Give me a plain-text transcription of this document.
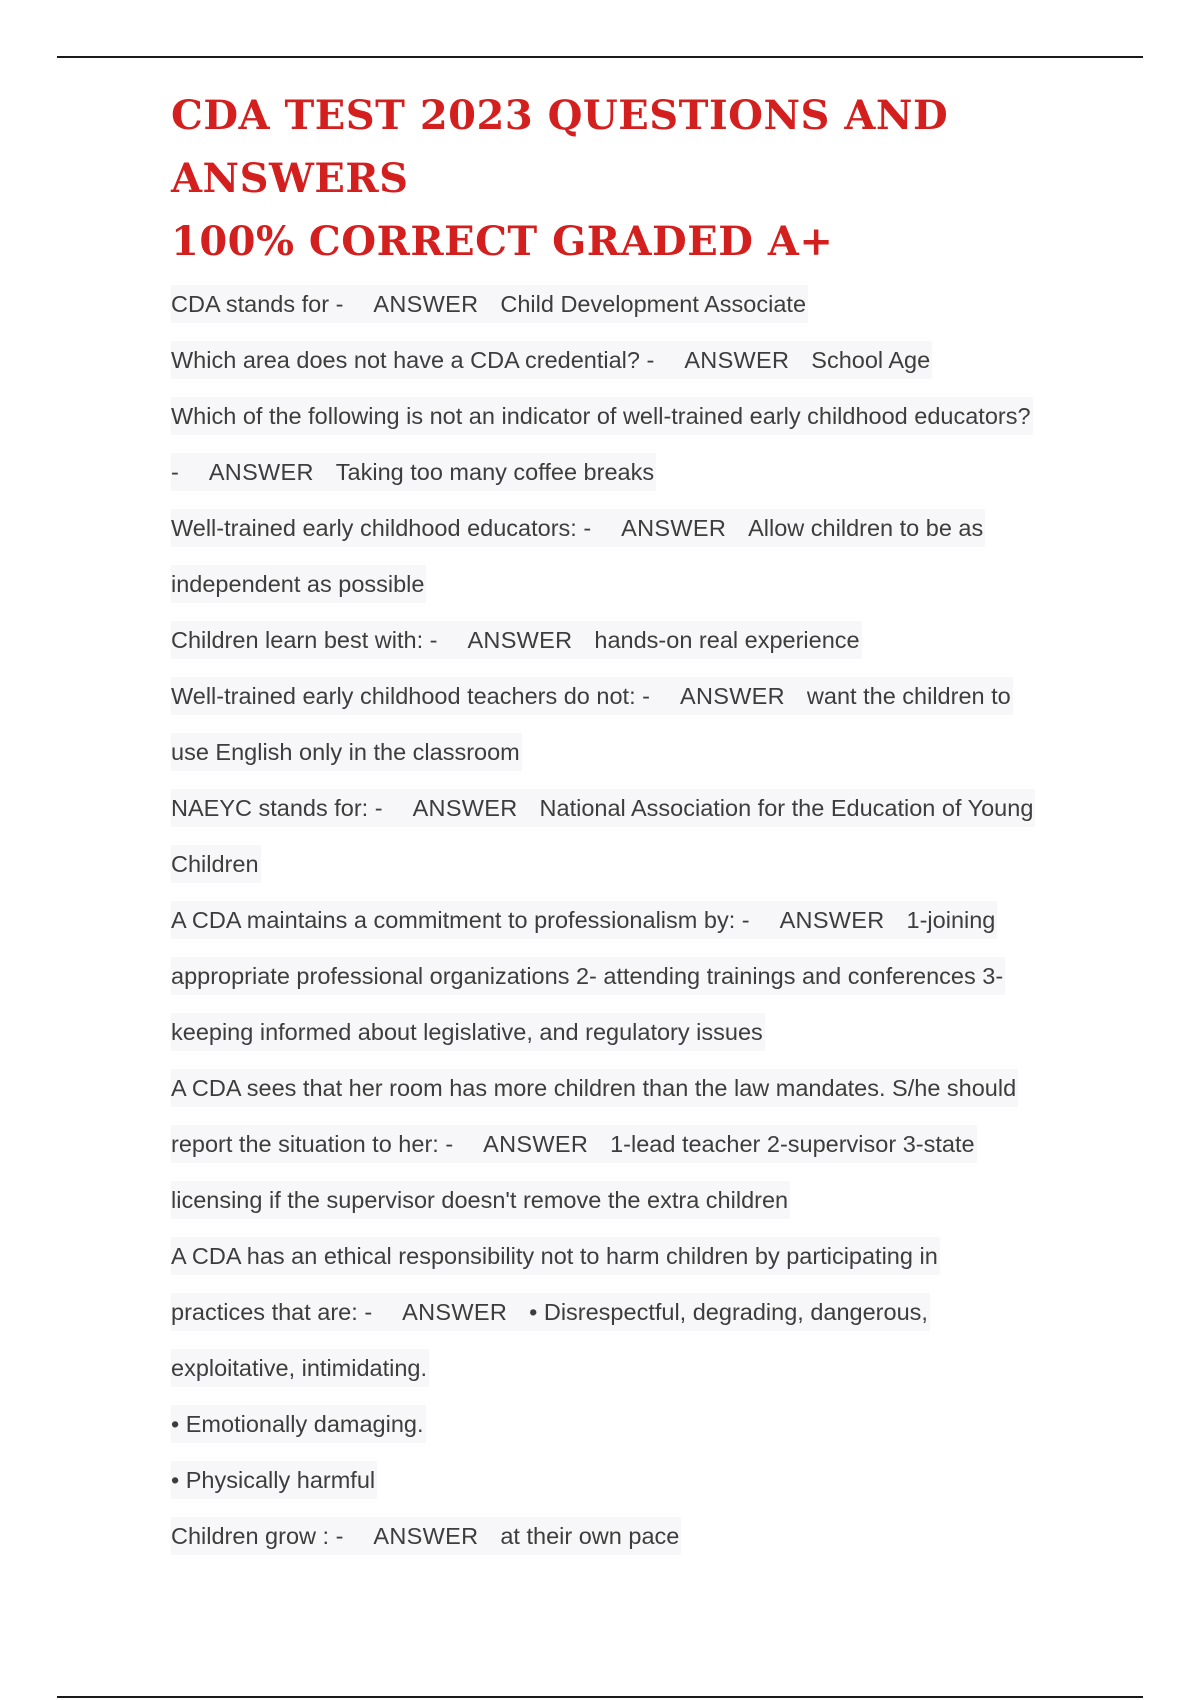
CDA TEST 2023 QUESTIONS AND ANSWERS
100% CORRECT GRADED A+
CDA stands for - ANSWER Child Development Associate
Which area does not have a CDA credential? - ANSWER School Age
Which of the following is not an indicator of well-trained early childhood educators?
- ANSWER Taking too many coffee breaks
Well-trained early childhood educators: - ANSWER Allow children to be as
independent as possible
Children learn best with: - ANSWER hands-on real experience
Well-trained early childhood teachers do not: - ANSWER want the children to
use English only in the classroom
NAEYC stands for: - ANSWER National Association for the Education of Young
Children
A CDA maintains a commitment to professionalism by: - ANSWER 1-joining
appropriate professional organizations 2- attending trainings and conferences 3-
keeping informed about legislative, and regulatory issues
A CDA sees that her room has more children than the law mandates. S/he should
report the situation to her: - ANSWER 1-lead teacher 2-supervisor 3-state
licensing if the supervisor doesn't remove the extra children
A CDA has an ethical responsibility not to harm children by participating in
practices that are: - ANSWER • Disrespectful, degrading, dangerous,
exploitative, intimidating.
• Emotionally damaging.
• Physically harmful
Children grow : - ANSWER at their own pace
